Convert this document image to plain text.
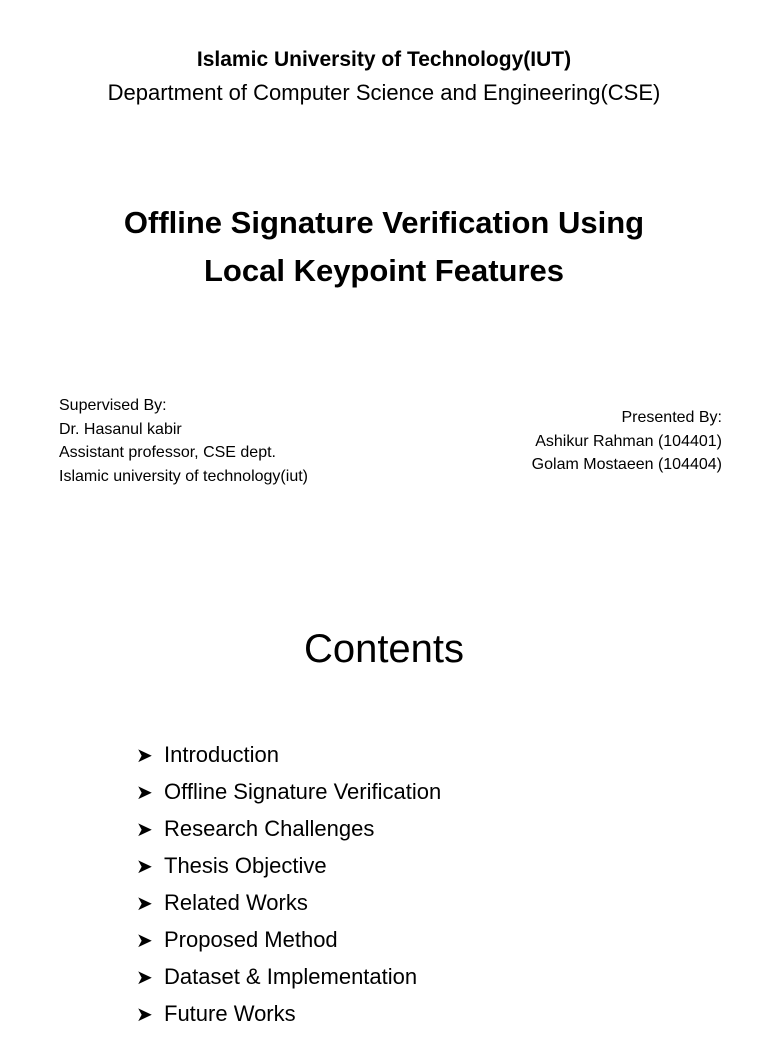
Islamic University of Technology(IUT)
Department of Computer Science and Engineering(CSE)
Offline Signature Verification Using
Local Keypoint Features
Supervised By:
Dr. Hasanul kabir
Assistant professor, CSE dept.
Islamic university of technology(iut)
Presented By:
Ashikur Rahman (104401)
Golam Mostaeen (104404)
Contents
➤ Introduction
➤ Offline Signature Verification
➤ Research Challenges
➤ Thesis Objective
➤ Related Works
➤ Proposed Method
➤ Dataset & Implementation
➤ Future Works
